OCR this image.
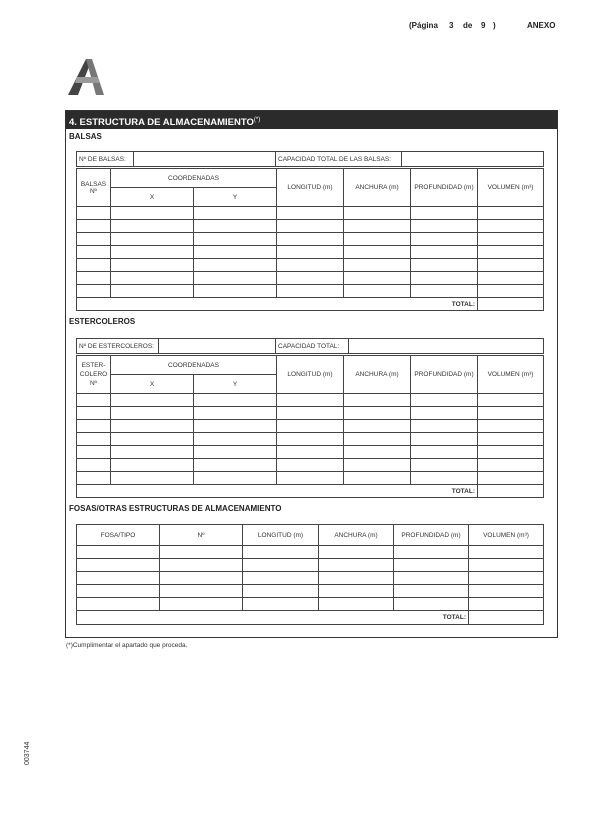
(Página 3 de 9 )	ANEXO
4. ESTRUCTURA DE ALMACENAMIENTO(*)
BALSAS
Nº DE BALSAS:		CAPACIDAD TOTAL DE LAS BALSAS:	
BALSAS
Nº	COORDENADAS		LONGITUD (m)	ANCHURA (m)	PROFUNDIDAD (m)	VOLUMEN (m³)
	X	Y				

TOTAL:						
ESTERCOLEROS
Nº DE ESTERCOLEROS:		CAPACIDAD TOTAL:	
ESTER-
COLERO
Nº	COORDENADAS		LONGITUD (m)	ANCHURA (m)	PROFUNDIDAD (m)	VOLUMEN (m³)
	X	Y				

TOTAL:						
FOSAS/OTRAS ESTRUCTURAS DE ALMACENAMIENTO
FOSA/TIPO	Nº	LONGITUD (m)	ANCHURA (m)	PROFUNDIDAD (m)	VOLUMEN (m³)

TOTAL:					
(*)Cumplimentar el apartado que proceda.
003744
